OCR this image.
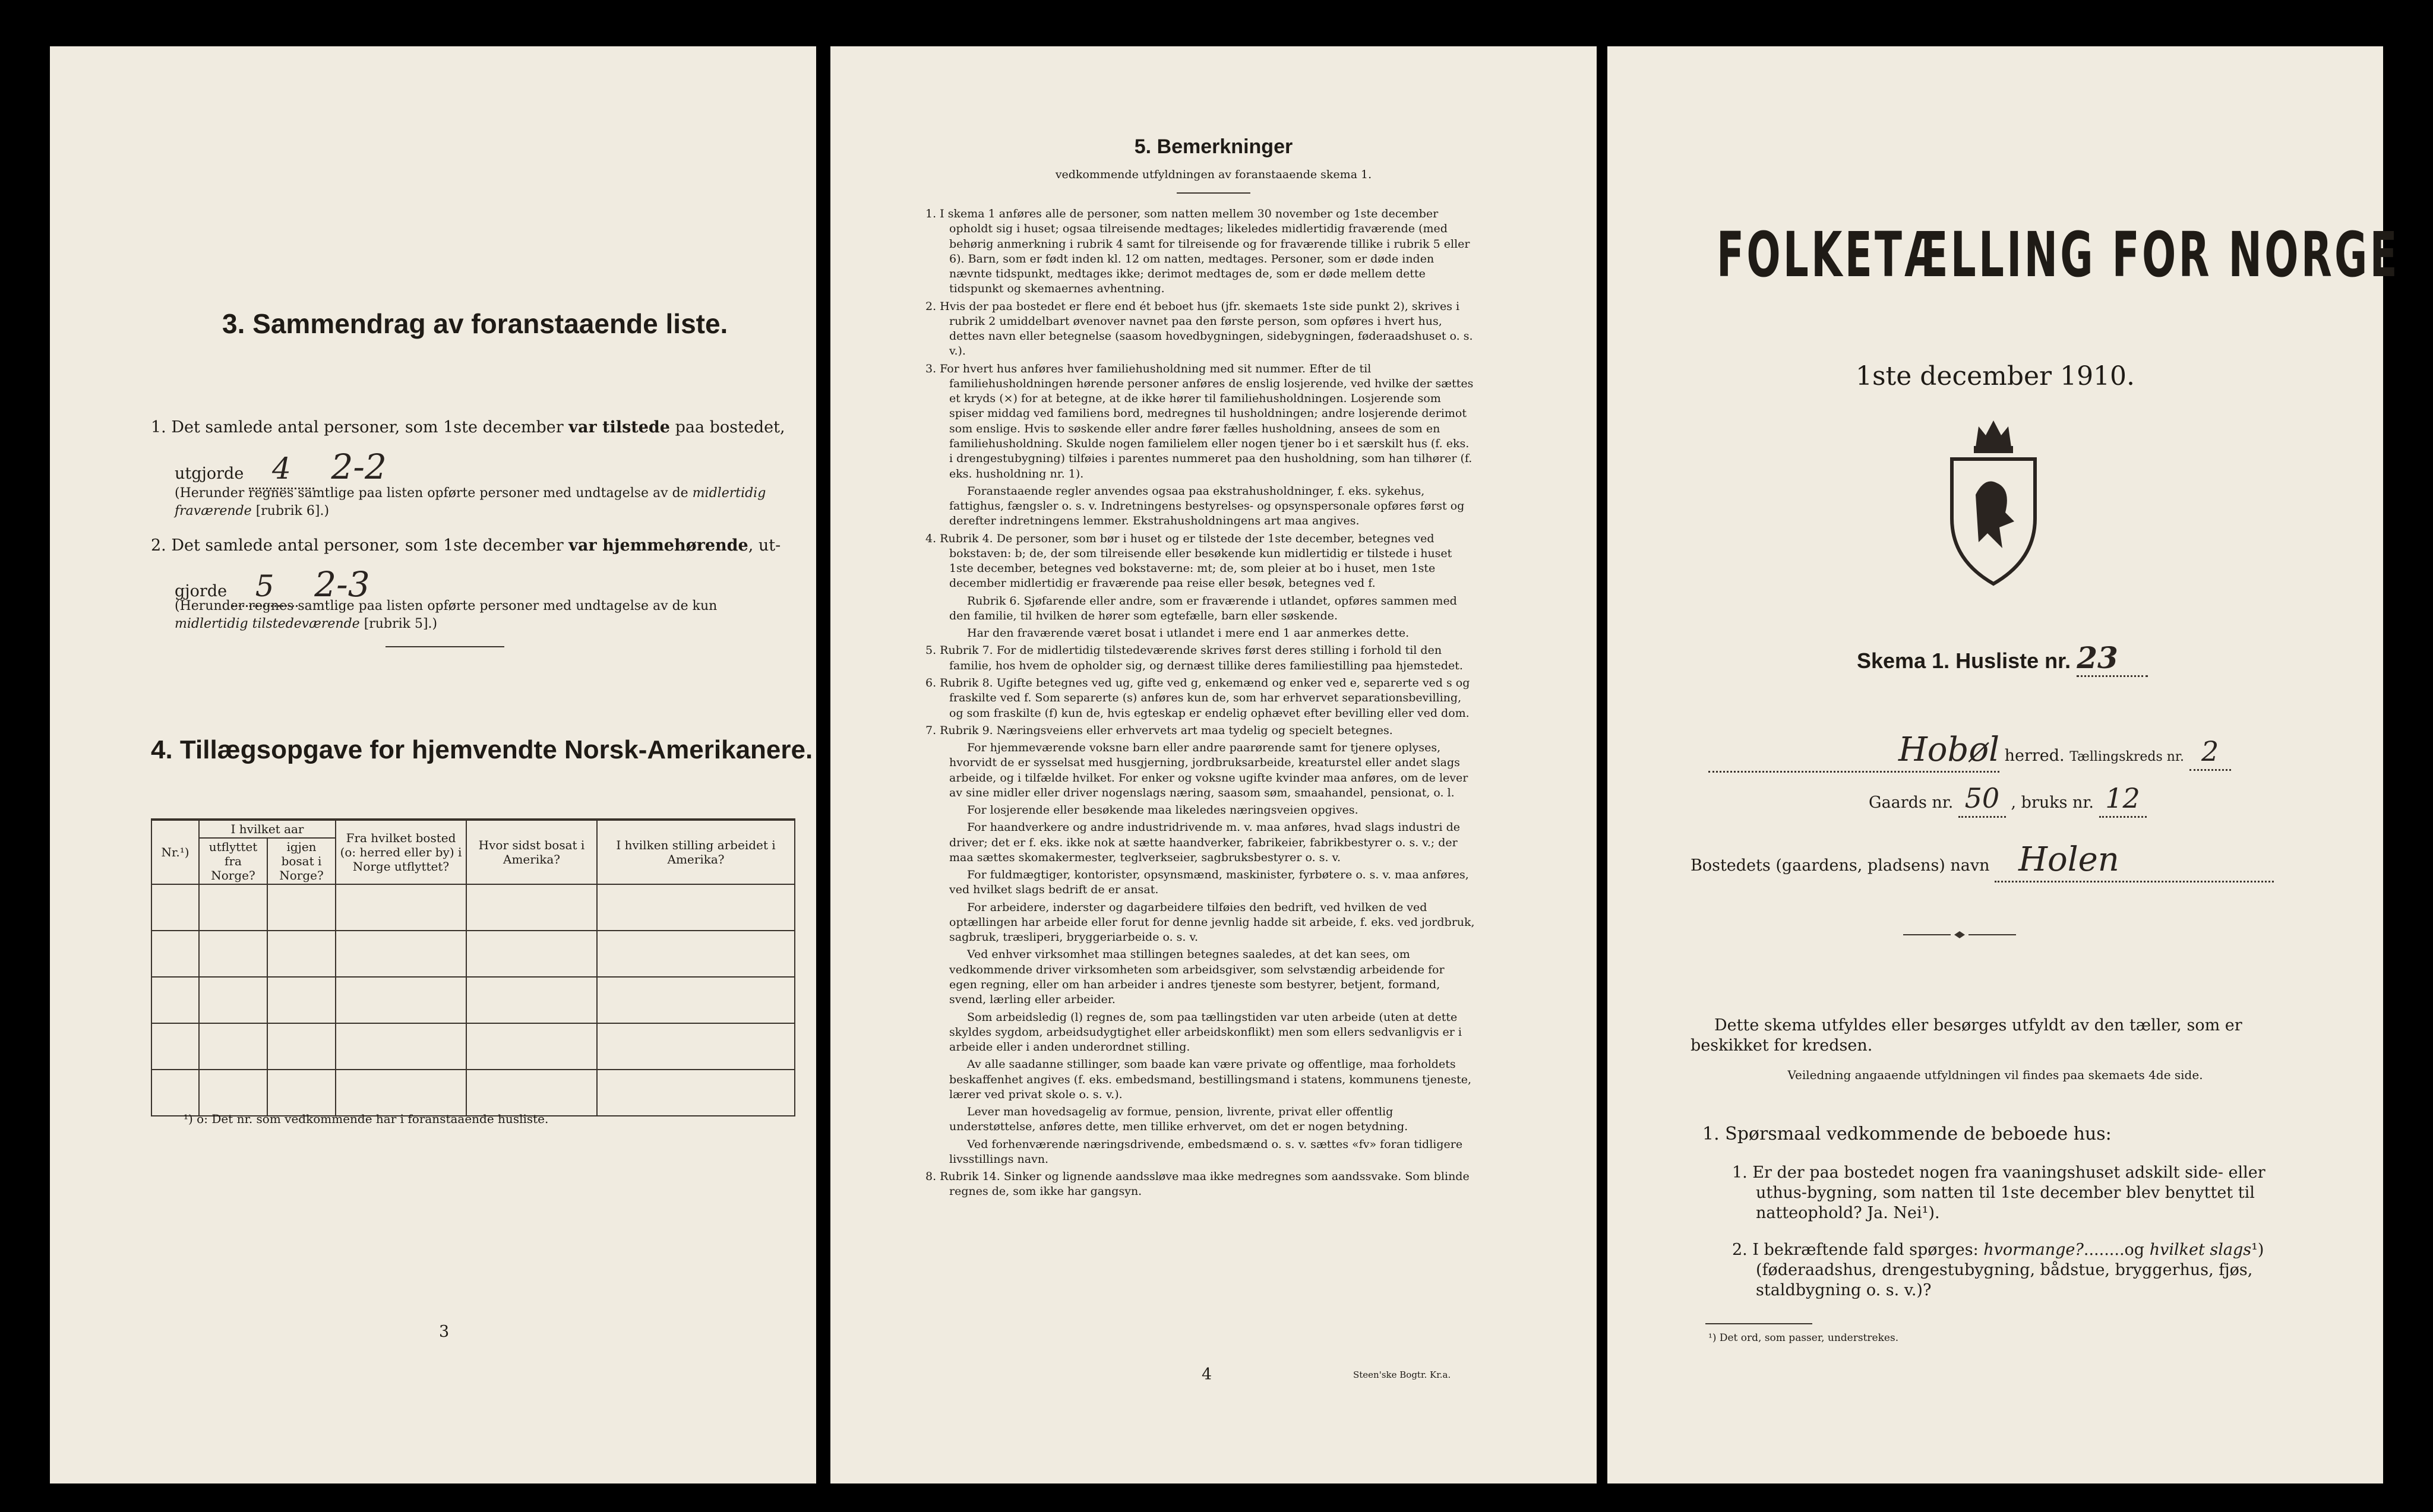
3. Sammendrag av foranstaaende liste.
1. Det samlede antal personer, som 1ste december var tilstede paa bostedet,
utgjorde 4 2-2
(Herunder regnes samtlige paa listen opførte personer med undtagelse av de midlertidig fraværende [rubrik 6].)
2. Det samlede antal personer, som 1ste december var hjemmehørende, ut-
gjorde 5 2-3
(Herunder regnes samtlige paa listen opførte personer med undtagelse av de kun midlertidig tilstedeværende [rubrik 5].)
4. Tillægsopgave for hjemvendte Norsk-Amerikanere.
Nr.¹)	I hvilket aar		Fra hvilket bosted (o: herred eller by) i Norge utflyttet?	Hvor sidst bosat i Amerika?	I hvilken stilling arbeidet i Amerika?
	utflyttet fra Norge?	igjen bosat i Norge?			

¹) o: Det nr. som vedkommende har i foranstaaende husliste.
3
5. Bemerkninger
vedkommende utfyldningen av foranstaaende skema 1.

1. I skema 1 anføres alle de personer, som natten mellem 30 november og 1ste december opholdt sig i huset; ogsaa tilreisende medtages; likeledes midlertidig fraværende (med behørig anmerkning i rubrik 4 samt for tilreisende og for fraværende tillike i rubrik 5 eller 6). Barn, som er født inden kl. 12 om natten, medtages. Personer, som er døde inden nævnte tidspunkt, medtages ikke; derimot medtages de, som er døde mellem dette tidspunkt og skemaernes avhentning.

2. Hvis der paa bostedet er flere end ét beboet hus (jfr. skemaets 1ste side punkt 2), skrives i rubrik 2 umiddelbart øvenover navnet paa den første person, som opføres i hvert hus, dettes navn eller betegnelse (saasom hovedbygningen, sidebygningen, føderaadshuset o. s. v.).

3. For hvert hus anføres hver familiehusholdning med sit nummer. Efter de til familiehusholdningen hørende personer anføres de enslig losjerende, ved hvilke der sættes et kryds (×) for at betegne, at de ikke hører til familiehusholdningen. Losjerende som spiser middag ved familiens bord, medregnes til husholdningen; andre losjerende derimot som enslige. Hvis to søskende eller andre fører fælles husholdning, ansees de som en familiehusholdning. Skulde nogen familielem eller nogen tjener bo i et særskilt hus (f. eks. i drengestubygning) tilføies i parentes nummeret paa den husholdning, som han tilhører (f. eks. husholdning nr. 1).

Foranstaaende regler anvendes ogsaa paa ekstrahusholdninger, f. eks. sykehus, fattighus, fængsler o. s. v. Indretningens bestyrelses- og opsynspersonale opføres først og derefter indretningens lemmer. Ekstrahusholdningens art maa angives.

4. Rubrik 4. De personer, som bør i huset og er tilstede der 1ste december, betegnes ved bokstaven: b; de, der som tilreisende eller besøkende kun midlertidig er tilstede i huset 1ste december, betegnes ved bokstaverne: mt; de, som pleier at bo i huset, men 1ste december midlertidig er fraværende paa reise eller besøk, betegnes ved f.

Rubrik 6. Sjøfarende eller andre, som er fraværende i utlandet, opføres sammen med den familie, til hvilken de hører som egtefælle, barn eller søskende.

Har den fraværende været bosat i utlandet i mere end 1 aar anmerkes dette.

5. Rubrik 7. For de midlertidig tilstedeværende skrives først deres stilling i forhold til den familie, hos hvem de opholder sig, og dernæst tillike deres familiestilling paa hjemstedet.

6. Rubrik 8. Ugifte betegnes ved ug, gifte ved g, enkemænd og enker ved e, separerte ved s og fraskilte ved f. Som separerte (s) anføres kun de, som har erhvervet separationsbevilling, og som fraskilte (f) kun de, hvis egteskap er endelig ophævet efter bevilling eller ved dom.

7. Rubrik 9. Næringsveiens eller erhvervets art maa tydelig og specielt betegnes.

For hjemmeværende voksne barn eller andre paarørende samt for tjenere oplyses, hvorvidt de er sysselsat med husgjerning, jordbruksarbeide, kreaturstel eller andet slags arbeide, og i tilfælde hvilket. For enker og voksne ugifte kvinder maa anføres, om de lever av sine midler eller driver nogenslags næring, saasom søm, smaahandel, pensionat, o. l.

For losjerende eller besøkende maa likeledes næringsveien opgives.

For haandverkere og andre industridrivende m. v. maa anføres, hvad slags industri de driver; det er f. eks. ikke nok at sætte haandverker, fabrikeier, fabrikbestyrer o. s. v.; der maa sættes skomakermester, teglverkseier, sagbruksbestyrer o. s. v.

For fuldmægtiger, kontorister, opsynsmænd, maskinister, fyrbøtere o. s. v. maa anføres, ved hvilket slags bedrift de er ansat.

For arbeidere, inderster og dagarbeidere tilføies den bedrift, ved hvilken de ved optællingen har arbeide eller forut for denne jevnlig hadde sit arbeide, f. eks. ved jordbruk, sagbruk, træsliperi, bryggeriarbeide o. s. v.

Ved enhver virksomhet maa stillingen betegnes saaledes, at det kan sees, om vedkommende driver virksomheten som arbeidsgiver, som selvstændig arbeidende for egen regning, eller om han arbeider i andres tjeneste som bestyrer, betjent, formand, svend, lærling eller arbeider.

Som arbeidsledig (l) regnes de, som paa tællingstiden var uten arbeide (uten at dette skyldes sygdom, arbeidsudygtighet eller arbeidskonflikt) men som ellers sedvanligvis er i arbeide eller i anden underordnet stilling.

Av alle saadanne stillinger, som baade kan være private og offentlige, maa forholdets beskaffenhet angives (f. eks. embedsmand, bestillingsmand i statens, kommunens tjeneste, lærer ved privat skole o. s. v.).

Lever man hovedsagelig av formue, pension, livrente, privat eller offentlig understøttelse, anføres dette, men tillike erhvervet, om det er nogen betydning.

Ved forhenværende næringsdrivende, embedsmænd o. s. v. sættes «fv» foran tidligere livsstillings navn.

8. Rubrik 14. Sinker og lignende aandssløve maa ikke medregnes som aandssvake. Som blinde regnes de, som ikke har gangsyn.

4	Steen'ske Bogtr. Kr.a.
FOLKETÆLLING FOR NORGE
1ste december 1910.
Skema 1. Husliste nr. 23
Hobøl herred. Tællingskreds nr. 2
Gaards nr. 50 , bruks nr. 12
Bostedets (gaardens, pladsens) navn Holen
Dette skema utfyldes eller besørges utfyldt av den tæller, som er beskikket for kredsen.
Veiledning angaaende utfyldningen vil findes paa skemaets 4de side.
1. Spørsmaal vedkommende de beboede hus:
1. Er der paa bostedet nogen fra vaaningshuset adskilt side- eller uthus-bygning, som natten til 1ste december blev benyttet til natteophold? Ja. Nei¹).
2. I bekræftende fald spørges: hvormange?........og hvilket slags¹) (føderaadshus, drengestubygning, bådstue, bryggerhus, fjøs, staldbygning o. s. v.)?
¹) Det ord, som passer, understrekes.
